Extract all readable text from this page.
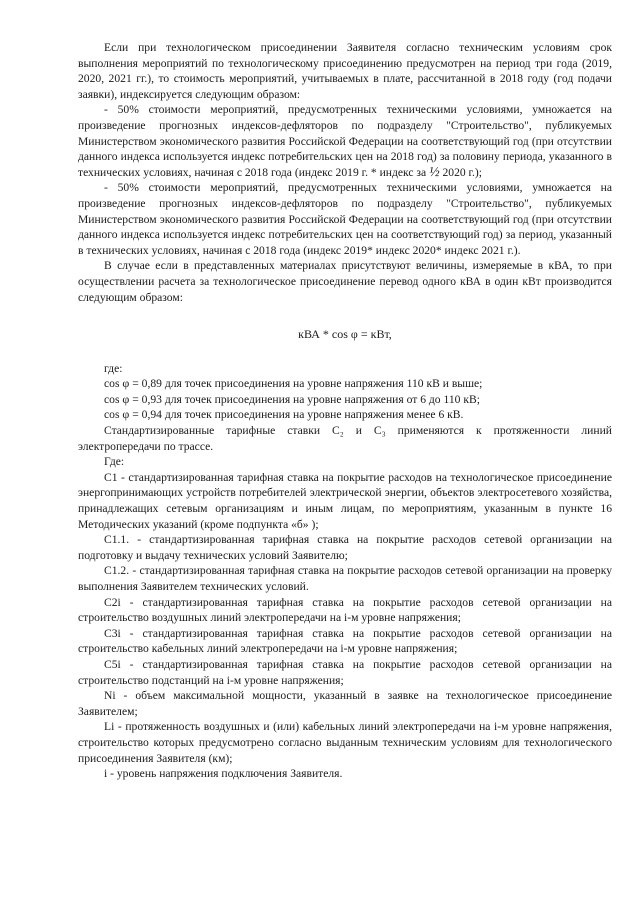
Если при технологическом присоединении Заявителя согласно техническим условиям срок выполнения мероприятий по технологическому присоединению предусмотрен на период три года (2019, 2020, 2021 гг.), то стоимость мероприятий, учитываемых в плате, рассчитанной в 2018 году (год подачи заявки), индексируется следующим образом:

- 50% стоимости мероприятий, предусмотренных техническими условиями, умножается на произведение прогнозных индексов-дефляторов по подразделу "Строительство", публикуемых Министерством экономического развития Российской Федерации на соответствующий год (при отсутствии данного индекса используется индекс потребительских цен на 2018 год) за половину периода, указанного в технических условиях, начиная с 2018 года (индекс 2019 г. * индекс за ½ 2020 г.);

- 50% стоимости мероприятий, предусмотренных техническими условиями, умножается на произведение прогнозных индексов-дефляторов по подразделу "Строительство", публикуемых Министерством экономического развития Российской Федерации на соответствующий год (при отсутствии данного индекса используется индекс потребительских цен на соответствующий год) за период, указанный в технических условиях, начиная с 2018 года (индекс 2019* индекс 2020* индекс 2021 г.).

В случае если в представленных материалах присутствуют величины, измеряемые в кВА, то при осуществлении расчета за технологическое присоединение перевод одного кВА в один кВт производится следующим образом:

кВА * cos φ = кВт,

где:

cos φ = 0,89 для точек присоединения на уровне напряжения 110 кВ и выше;

cos φ = 0,93 для точек присоединения на уровне напряжения от 6 до 110 кВ;

cos φ = 0,94 для точек присоединения на уровне напряжения менее 6 кВ.

Стандартизированные тарифные ставки С₂ и С₃ применяются к протяженности линий электропередачи по трассе.

Где:

С1 - стандартизированная тарифная ставка на покрытие расходов на технологическое присоединение энергопринимающих устройств потребителей электрической энергии, объектов электросетевого хозяйства, принадлежащих сетевым организациям и иным лицам, по мероприятиям, указанным в пункте 16 Методических указаний (кроме подпункта «б» );

С1.1. - стандартизированная тарифная ставка на покрытие расходов сетевой организации на подготовку и выдачу технических условий Заявителю;

С1.2. - стандартизированная тарифная ставка на покрытие расходов сетевой организации на проверку выполнения Заявителем технических условий.

С2i - стандартизированная тарифная ставка на покрытие расходов сетевой организации на строительство воздушных линий электропередачи на i-м уровне напряжения;

С3i - стандартизированная тарифная ставка на покрытие расходов сетевой организации на строительство кабельных линий электропередачи на i-м уровне напряжения;

С5i - стандартизированная тарифная ставка на покрытие расходов сетевой организации на строительство подстанций на i-м уровне напряжения;

Ni - объем максимальной мощности, указанный в заявке на технологическое присоединение Заявителем;

Li - протяженность воздушных и (или) кабельных линий электропередачи на i-м уровне напряжения, строительство которых предусмотрено согласно выданным техническим условиям для технологического присоединения Заявителя (км);

i - уровень напряжения подключения Заявителя.
